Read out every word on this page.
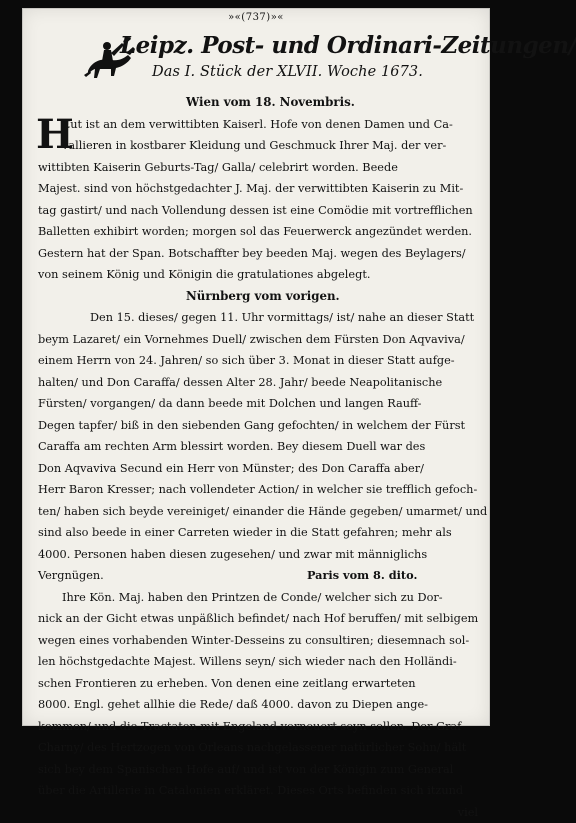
»«(737)»«
Leipz. Post- und Ordinari-Zeitungen/
Das I. Stück der XLVII. Woche 1673.
Wien vom 18. Novembris.
H
Eut ist an dem verwittibten Kaiserl. Hofe von denen Damen und Ca-
vallieren in kostbarer Kleidung und Geschmuck Ihrer Maj. der ver-
wittibten Kaiserin Geburts-Tag/ Galla/ celebrirt worden. Beede
Majest. sind von höchstgedachter J. Maj. der verwittibten Kaiserin zu Mit-
tag gastirt/ und nach Vollendung dessen ist eine Comödie mit vortrefflichen
Balletten exhibirt worden; morgen sol das Feuerwerck angezündet werden.
Gestern hat der Span. Botschaffter bey beeden Maj. wegen des Beylagers/
von seinem König und Königin die gratulationes abgelegt.
Nürnberg vom vorigen.
Den 15. dieses/ gegen 11. Uhr vormittags/ ist/ nahe an dieser Statt
beym Lazaret/ ein Vornehmes Duell/ zwischen dem Fürsten Don Aqvaviva/
einem Herrn von 24. Jahren/ so sich über 3. Monat in dieser Statt aufge-
halten/ und Don Caraffa/ dessen Alter 28. Jahr/ beede Neapolitanische
Fürsten/ vorgangen/ da dann beede mit Dolchen und langen Rauff-
Degen tapfer/ biß in den siebenden Gang gefochten/ in welchem der Fürst
Caraffa am rechten Arm blessirt worden. Bey diesem Duell war des
Don Aqvaviva Secund ein Herr von Münster; des Don Caraffa aber/
Herr Baron Kresser; nach vollendeter Action/ in welcher sie trefflich gefoch-
ten/ haben sich beyde vereiniget/ einander die Hände gegeben/ umarmet/ und
sind also beede in einer Carreten wieder in die Statt gefahren; mehr als
4000. Personen haben diesen zugesehen/ und zwar mit männiglichs
Vergnügen.	Paris vom 8. dito.
Ihre Kön. Maj. haben den Printzen de Conde/ welcher sich zu Dor-
nick an der Gicht etwas unpäßlich befindet/ nach Hof beruffen/ mit selbigem
wegen eines vorhabenden Winter-Desseins zu consultiren; diesemnach sol-
len höchstgedachte Majest. Willens seyn/ sich wieder nach den Holländi-
schen Frontieren zu erheben. Von denen eine zeitlang erwarteten
8000. Engl. gehet allhie die Rede/ daß 4000. davon zu Diepen ange-
kommen/ und die Tractaten mit Engeland verneuert seyn sollen. Der Graf
Charny/ des Hertzogen von Orleans nachgelassener natürlicher Sohn/ hält
sich bey dem Spanischen Hofe auf/ und ist von der Königin zum General
über die Artillerie in Catalonien erkläret. Dieses Orts befinden sich itzund
viel
